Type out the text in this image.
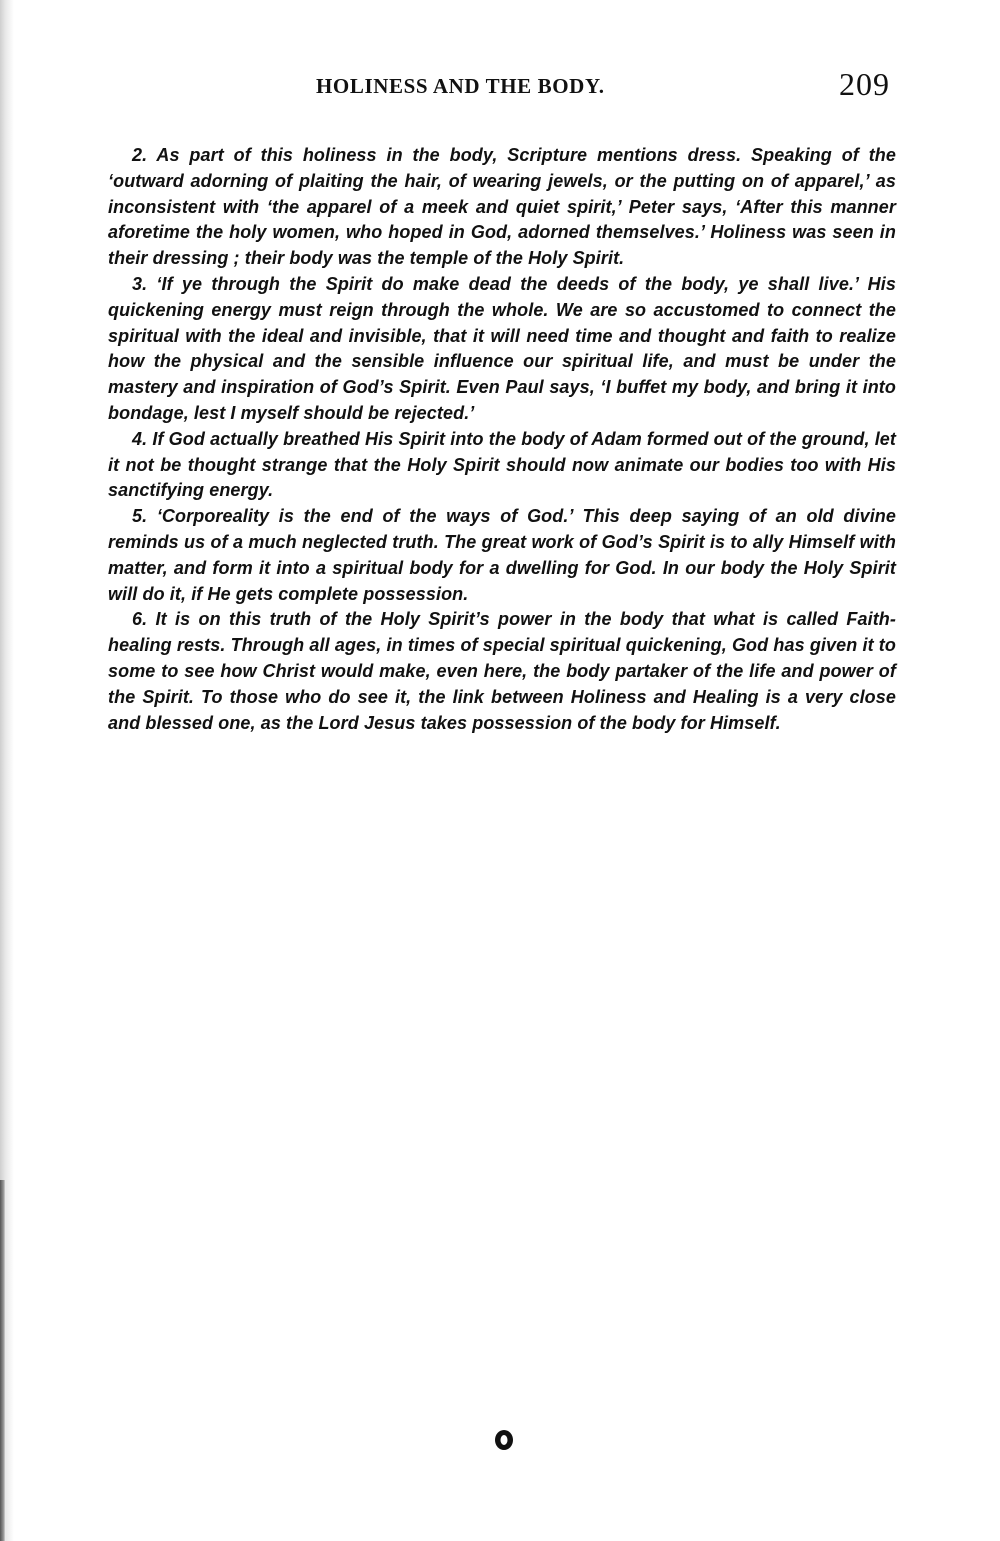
HOLINESS AND THE BODY.	209

2. As part of this holiness in the body, Scripture mentions dress. Speaking of the ‘outward adorning of plaiting the hair, of wearing jewels, or the putting on of apparel,’ as inconsistent with ‘the apparel of a meek and quiet spirit,’ Peter says, ‘After this manner aforetime the holy women, who hoped in God, adorned themselves.’ Holiness was seen in their dressing ; their body was the temple of the Holy Spirit.

3. ‘If ye through the Spirit do make dead the deeds of the body, ye shall live.’ His quickening energy must reign through the whole. We are so accustomed to connect the spiritual with the ideal and invisible, that it will need time and thought and faith to realize how the physical and the sensible influence our spiritual life, and must be under the mastery and inspiration of God’s Spirit. Even Paul says, ‘I buffet my body, and bring it into bondage, lest I myself should be rejected.’

4. If God actually breathed His Spirit into the body of Adam formed out of the ground, let it not be thought strange that the Holy Spirit should now animate our bodies too with His sanctifying energy.

5. ‘Corporeality is the end of the ways of God.’ This deep saying of an old divine reminds us of a much neglected truth. The great work of God’s Spirit is to ally Himself with matter, and form it into a spiritual body for a dwelling for God. In our body the Holy Spirit will do it, if He gets complete possession.

6. It is on this truth of the Holy Spirit’s power in the body that what is called Faith-healing rests. Through all ages, in times of special spiritual quickening, God has given it to some to see how Christ would make, even here, the body partaker of the life and power of the Spirit. To those who do see it, the link between Holiness and Healing is a very close and blessed one, as the Lord Jesus takes possession of the body for Himself.
